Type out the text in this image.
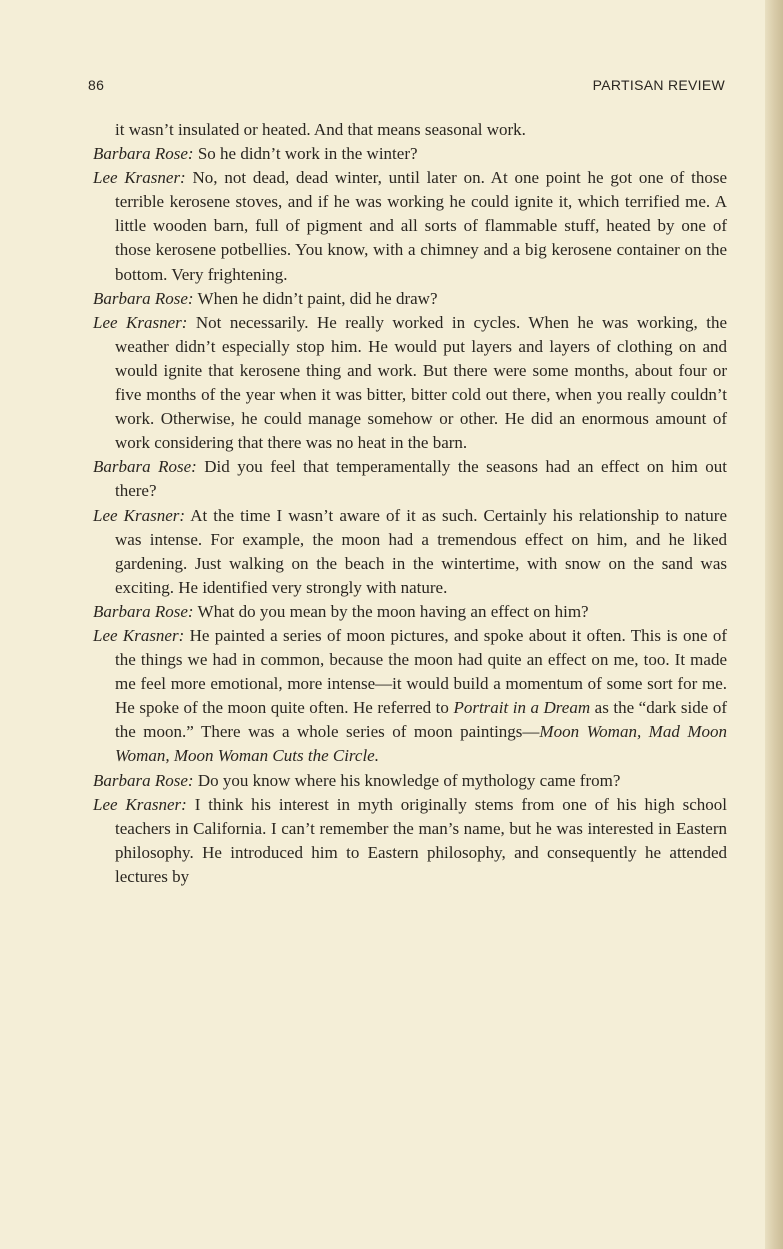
86	PARTISAN REVIEW

it wasn’t insulated or heated. And that means seasonal work.

Barbara Rose: So he didn’t work in the winter?

Lee Krasner: No, not dead, dead winter, until later on. At one point he got one of those terrible kerosene stoves, and if he was working he could ignite it, which terrified me. A little wooden barn, full of pigment and all sorts of flammable stuff, heated by one of those kerosene potbellies. You know, with a chimney and a big kerosene container on the bottom. Very frightening.

Barbara Rose: When he didn’t paint, did he draw?

Lee Krasner: Not necessarily. He really worked in cycles. When he was working, the weather didn’t especially stop him. He would put layers and layers of clothing on and would ignite that kerosene thing and work. But there were some months, about four or five months of the year when it was bitter, bitter cold out there, when you really couldn’t work. Otherwise, he could manage somehow or other. He did an enormous amount of work considering that there was no heat in the barn.

Barbara Rose: Did you feel that temperamentally the seasons had an effect on him out there?

Lee Krasner: At the time I wasn’t aware of it as such. Certainly his relationship to nature was intense. For example, the moon had a tremendous effect on him, and he liked gardening. Just walking on the beach in the wintertime, with snow on the sand was exciting. He identified very strongly with nature.

Barbara Rose: What do you mean by the moon having an effect on him?

Lee Krasner: He painted a series of moon pictures, and spoke about it often. This is one of the things we had in common, because the moon had quite an effect on me, too. It made me feel more emotional, more intense—it would build a momentum of some sort for me. He spoke of the moon quite often. He referred to Portrait in a Dream as the “dark side of the moon.” There was a whole series of moon paintings—Moon Woman, Mad Moon Woman, Moon Woman Cuts the Circle.

Barbara Rose: Do you know where his knowledge of mythology came from?

Lee Krasner: I think his interest in myth originally stems from one of his high school teachers in California. I can’t remember the man’s name, but he was interested in Eastern philosophy. He introduced him to Eastern philosophy, and consequently he attended lectures by
